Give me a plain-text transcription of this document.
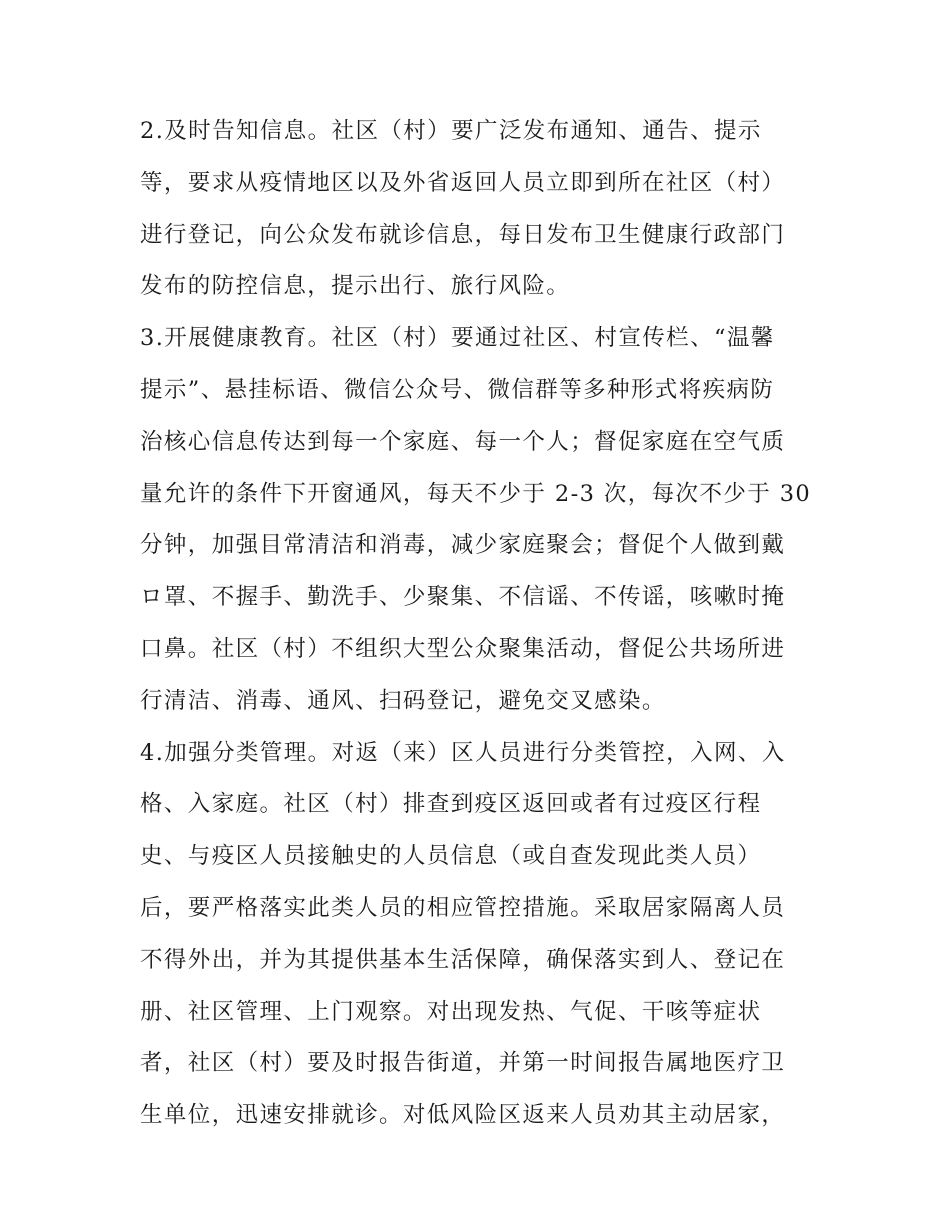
2.及时告知信息。社区（村）要广泛发布通知、通告、提示
等，要求从疫情地区以及外省返回人员立即到所在社区（村）
进行登记，向公众发布就诊信息，每日发布卫生健康行政部门
发布的防控信息，提示出行、旅行风险。
3.开展健康教育。社区（村）要通过社区、村宣传栏、“温馨
提示”、悬挂标语、微信公众号、微信群等多种形式将疾病防
治核心信息传达到每一个家庭、每一个人；督促家庭在空气质
量允许的条件下开窗通风，每天不少于 2-3 次，每次不少于 30
分钟，加强目常清洁和消毒，减少家庭聚会；督促个人做到戴
ロ罩、不握手、勤洗手、少聚集、不信谣、不传谣，咳嗽时掩
口鼻。社区（村）不组织大型公众聚集活动，督促公共场所进
行清洁、消毒、通风、扫码登记，避免交叉感染。
4.加强分类管理。对返（来）区人员进行分类管控，入网、入
格、入家庭。社区（村）排查到疫区返回或者有过疫区行程
史、与疫区人员接触史的人员信息（或自查发现此类人员）
后，要严格落实此类人员的相应管控措施。采取居家隔离人员
不得外出，并为其提供基本生活保障，确保落实到人、登记在
册、社区管理、上门观察。对出现发热、气促、干咳等症状
者，社区（村）要及时报告街道，并第一时间报告属地医疗卫
生单位，迅速安排就诊。对低风险区返来人员劝其主动居家，
